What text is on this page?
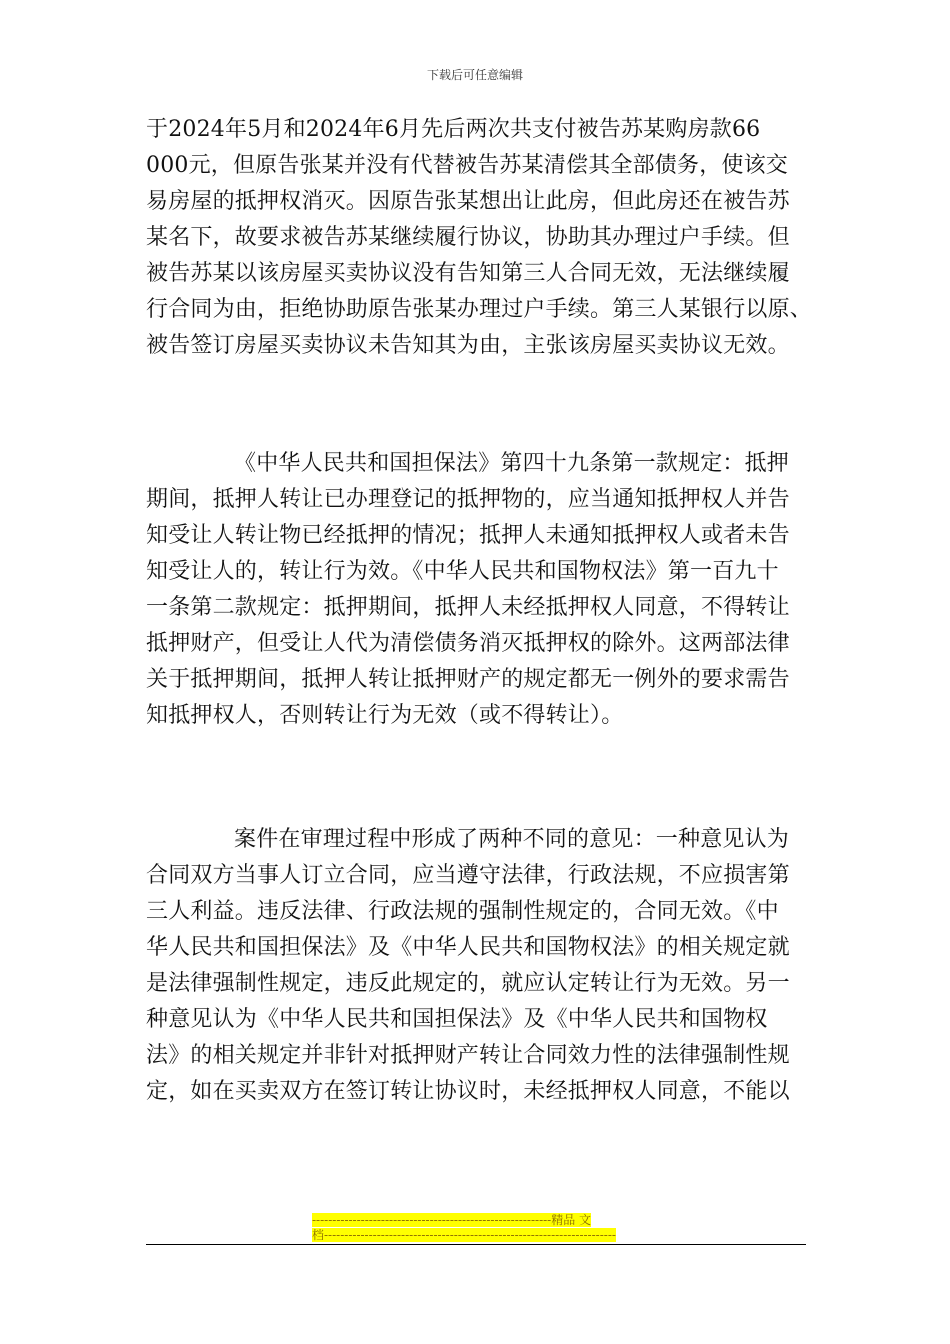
下载后可任意编辑
于2024年5月和2024年6月先后两次共支付被告苏某购房款66
000元，但原告张某并没有代替被告苏某清偿其全部债务，使该交
易房屋的抵押权消灭。因原告张某想出让此房，但此房还在被告苏
某名下，故要求被告苏某继续履行协议，协助其办理过户手续。但
被告苏某以该房屋买卖协议没有告知第三人合同无效，无法继续履
行合同为由，拒绝协助原告张某办理过户手续。第三人某银行以原、
被告签订房屋买卖协议未告知其为由，主张该房屋买卖协议无效。
《中华人民共和国担保法》第四十九条第一款规定：抵押
期间，抵押人转让已办理登记的抵押物的，应当通知抵押权人并告
知受让人转让物已经抵押的情况；抵押人未通知抵押权人或者未告
知受让人的，转让行为效。《中华人民共和国物权法》第一百九十
一条第二款规定：抵押期间，抵押人未经抵押权人同意，不得转让
抵押财产，但受让人代为清偿债务消灭抵押权的除外。这两部法律
关于抵押期间，抵押人转让抵押财产的规定都无一例外的要求需告
知抵押权人，否则转让行为无效（或不得转让）。
案件在审理过程中形成了两种不同的意见：一种意见认为
合同双方当事人订立合同，应当遵守法律，行政法规，不应损害第
三人利益。违反法律、行政法规的强制性规定的，合同无效。《中
华人民共和国担保法》及《中华人民共和国物权法》的相关规定就
是法律强制性规定，违反此规定的，就应认定转让行为无效。另一
种意见认为《中华人民共和国担保法》及《中华人民共和国物权
法》的相关规定并非针对抵押财产转让合同效力性的法律强制性规
定，如在买卖双方在签订转让协议时，未经抵押权人同意，不能以
-----------------------------------------------------------精品 文
档------------------------------------------------------------------------
